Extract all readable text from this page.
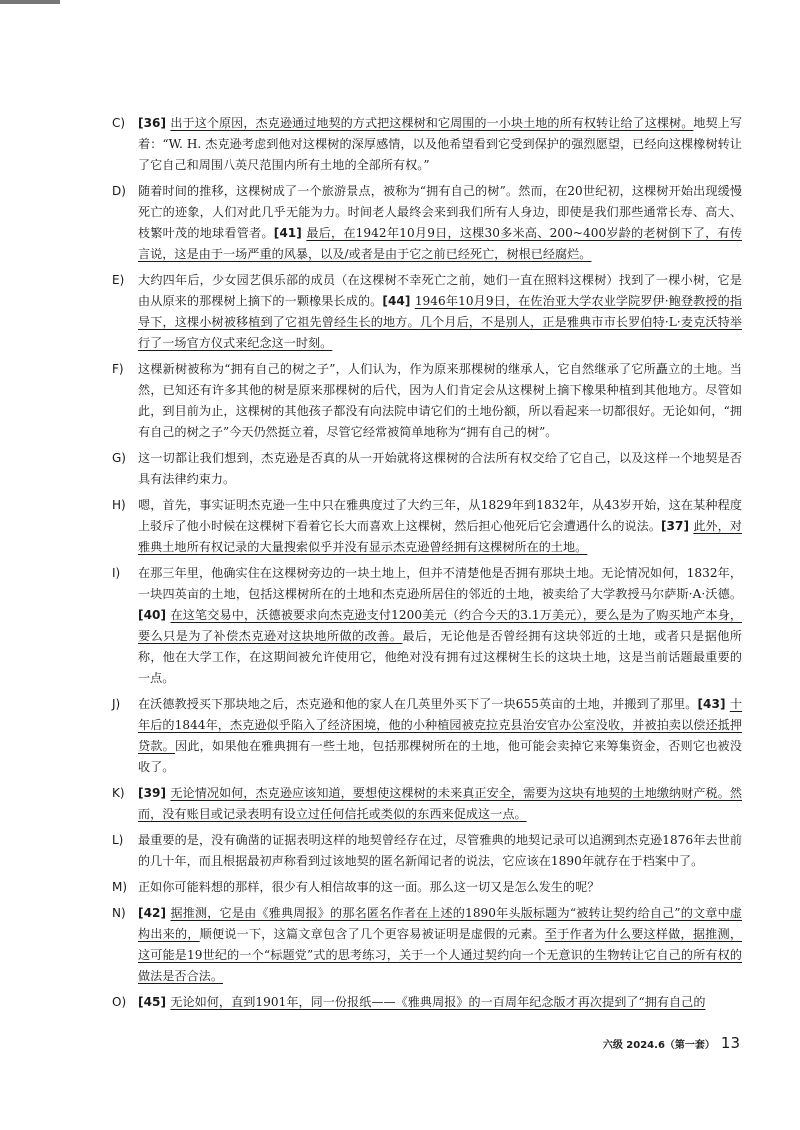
C)	[36] 出于这个原因，杰克逊通过地契的方式把这棵树和它周围的一小块土地的所有权转让给了这棵树。地契上写着：“W. H. 杰克逊考虑到他对这棵树的深厚感情，以及他希望看到它受到保护的强烈愿望，已经向这棵橡树转让了它自己和周围八英尺范围内所有土地的全部所有权。”
D) 随着时间的推移，这棵树成了一个旅游景点，被称为“拥有自己的树”。然而，在20世纪初，这棵树开始出现缓慢死亡的迹象，人们对此几乎无能为力。时间老人最终会来到我们所有人身边，即使是我们那些通常长寿、高大、枝繁叶茂的地球看管者。[41] 最后，在1942年10月9日，这棵30多米高、200~400岁龄的老树倒下了，有传言说，这是由于一场严重的风暴，以及/或者是由于它之前已经死亡，树根已经腐烂。
E)	大约四年后，少女园艺俱乐部的成员（在这棵树不幸死亡之前，她们一直在照料这棵树）找到了一棵小树，它是由从原来的那棵树上摘下的一颗橡果长成的。[44] 1946年10月9日，在佐治亚大学农业学院罗伊·鲍登教授的指导下，这棵小树被移植到了它祖先曾经生长的地方。几个月后，不是别人，正是雅典市市长罗伯特·L·麦克沃特举行了一场官方仪式来纪念这一时刻。
F)	这棵新树被称为“拥有自己的树之子”，人们认为，作为原来那棵树的继承人，它自然继承了它所矗立的土地。当然，已知还有许多其他的树是原来那棵树的后代，因为人们肯定会从这棵树上摘下橡果种植到其他地方。尽管如此，到目前为止，这棵树的其他孩子都没有向法院申请它们的土地份额，所以看起来一切都很好。无论如何，“拥有自己的树之子”今天仍然挺立着，尽管它经常被简单地称为“拥有自己的树”。
G) 这一切都让我们想到，杰克逊是否真的从一开始就将这棵树的合法所有权交给了它自己，以及这样一个地契是否具有法律约束力。
H)	嗯，首先，事实证明杰克逊一生中只在雅典度过了大约三年，从1829年到1832年，从43岁开始，这在某种程度上驳斥了他小时候在这棵树下看着它长大而喜欢上这棵树，然后担心他死后它会遭遇什么的说法。[37] 此外，对雅典土地所有权记录的大量搜索似乎并没有显示杰克逊曾经拥有这棵树所在的土地。
I)	在那三年里，他确实住在这棵树旁边的一块土地上，但并不清楚他是否拥有那块土地。无论情况如何，1832年，一块四英亩的土地，包括这棵树所在的土地和杰克逊所居住的邻近的土地，被卖给了大学教授马尔萨斯·A·沃德。[40] 在这笔交易中，沃德被要求向杰克逊支付1200美元（约合今天的3.1万美元），要么是为了购买地产本身，要么只是为了补偿杰克逊对这块地所做的改善。最后，无论他是否曾经拥有这块邻近的土地，或者只是据他所称，他在大学工作，在这期间被允许使用它，他绝对没有拥有过这棵树生长的这块土地，这是当前话题最重要的一点。
J)	在沃德教授买下那块地之后，杰克逊和他的家人在几英里外买下了一块655英亩的土地，并搬到了那里。[43] 十年后的1844年，杰克逊似乎陷入了经济困境，他的小种植园被克拉克县治安官办公室没收，并被拍卖以偿还抵押贷款。因此，如果他在雅典拥有一些土地，包括那棵树所在的土地，他可能会卖掉它来筹集资金，否则它也被没收了。
K)	[39] 无论情况如何，杰克逊应该知道，要想使这棵树的未来真正安全，需要为这块有地契的土地缴纳财产税。然而，没有账目或记录表明有设立过任何信托或类似的东西来促成这一点。
L)	最重要的是，没有确凿的证据表明这样的地契曾经存在过，尽管雅典的地契记录可以追溯到杰克逊1876年去世前的几十年，而且根据最初声称看到过该地契的匿名新闻记者的说法，它应该在1890年就存在于档案中了。
M) 正如你可能料想的那样，很少有人相信故事的这一面。那么这一切又是怎么发生的呢？
N)	[42] 据推测，它是由《雅典周报》的那名匿名作者在上述的1890年头版标题为“被转让契约给自己”的文章中虚构出来的，顺便说一下，这篇文章包含了几个更容易被证明是虚假的元素。至于作者为什么要这样做，据推测，这可能是19世纪的一个“标题党”式的思考练习，关于一个人通过契约向一个无意识的生物转让它自己的所有权的做法是否合法。
O) [45] 无论如何，直到1901年，同一份报纸——《雅典周报》的一百周年纪念版才再次提到了“拥有自己的
六级 2024.6（第一套） 13
